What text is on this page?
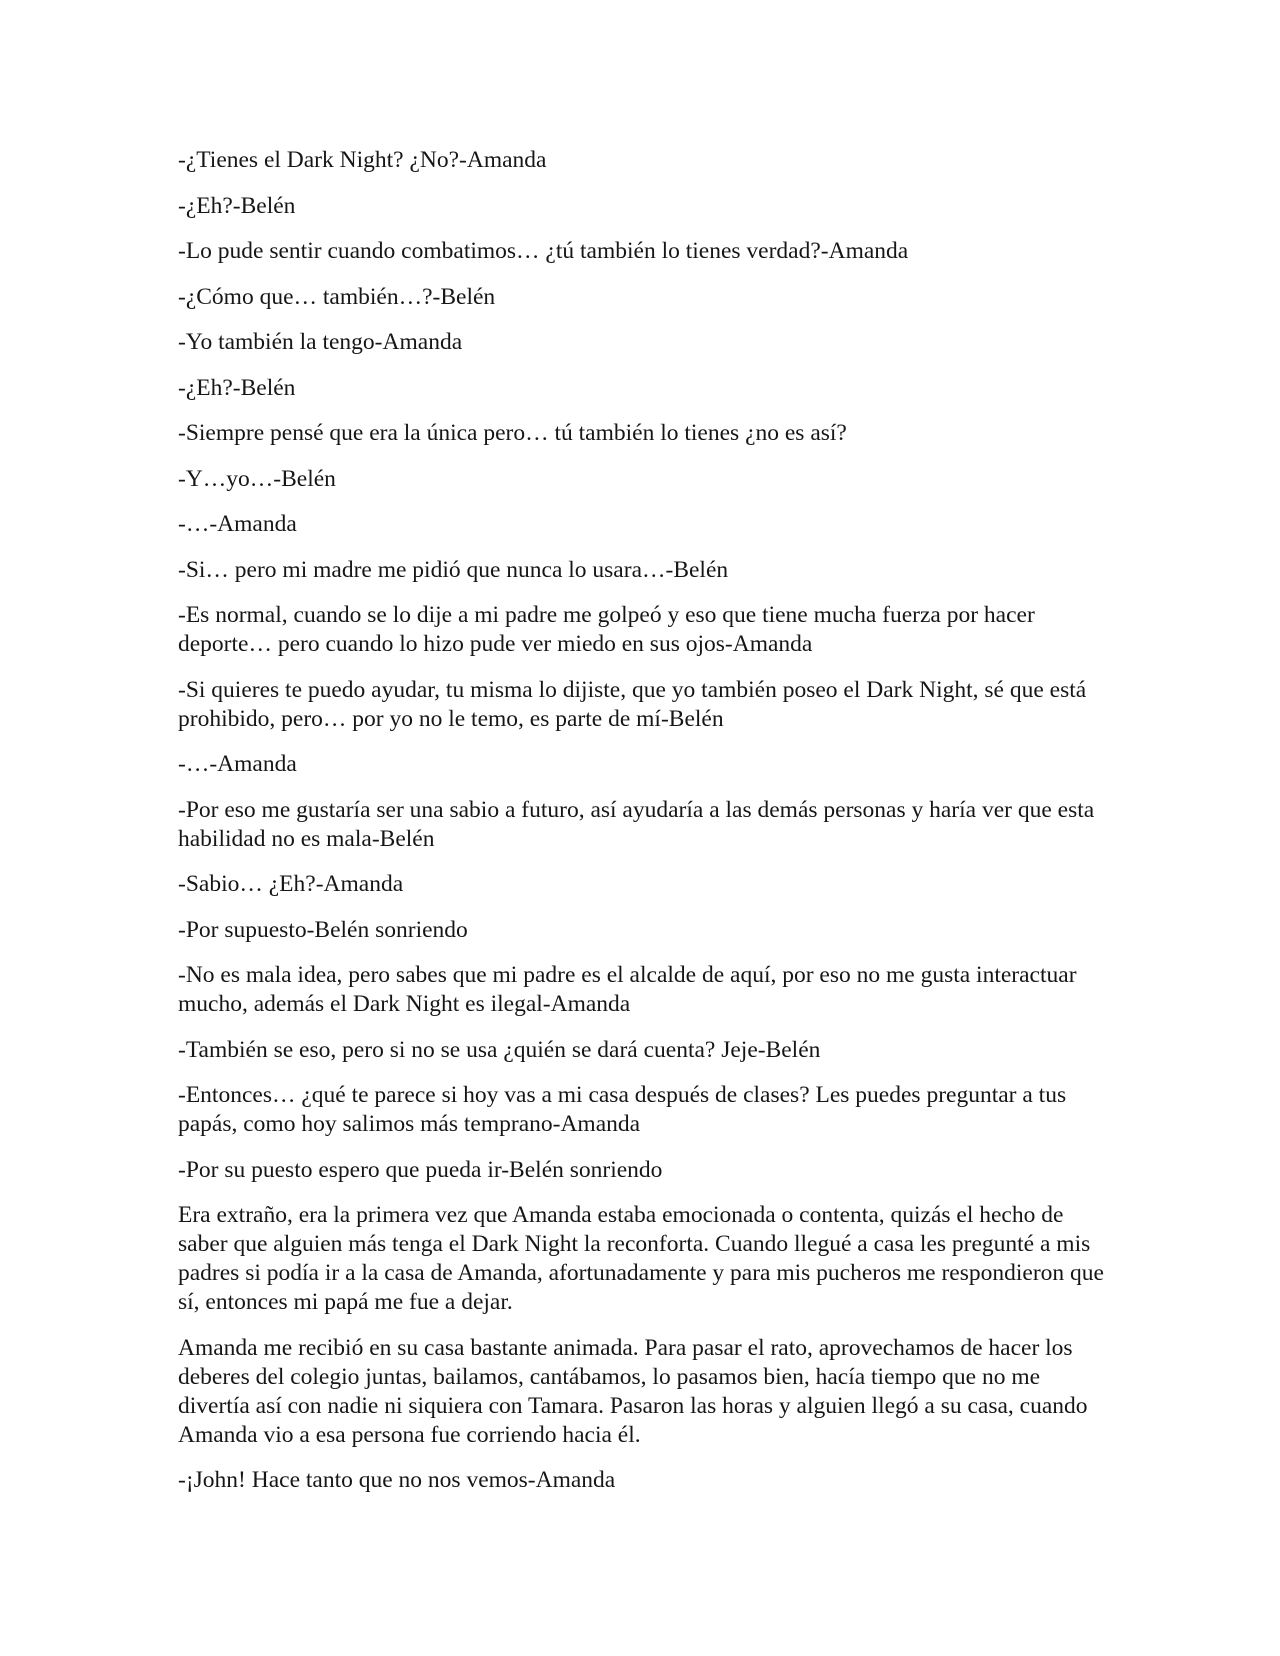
-¿Tienes el Dark Night? ¿No?-Amanda

-¿Eh?-Belén

-Lo pude sentir cuando combatimos… ¿tú también lo tienes verdad?-Amanda

-¿Cómo que… también…?-Belén

-Yo también la tengo-Amanda

-¿Eh?-Belén

-Siempre pensé que era la única pero… tú también lo tienes ¿no es así?

-Y…yo…-Belén

-…-Amanda

-Si… pero mi madre me pidió que nunca lo usara…-Belén

-Es normal, cuando se lo dije a mi padre me golpeó y eso que tiene mucha fuerza por hacer deporte… pero cuando lo hizo pude ver miedo en sus ojos-Amanda

-Si quieres te puedo ayudar, tu misma lo dijiste, que yo también poseo el Dark Night, sé que está prohibido, pero… por yo no le temo, es parte de mí-Belén

-…-Amanda

-Por eso me gustaría ser una sabio a futuro, así ayudaría a las demás personas y haría ver que esta habilidad no es mala-Belén

-Sabio… ¿Eh?-Amanda

-Por supuesto-Belén sonriendo

-No es mala idea, pero sabes que mi padre es el alcalde de aquí, por eso no me gusta interactuar mucho, además el Dark Night es ilegal-Amanda

-También se eso, pero si no se usa ¿quién se dará cuenta? Jeje-Belén

-Entonces… ¿qué te parece si hoy vas a mi casa después de clases? Les puedes preguntar a tus papás, como hoy salimos más temprano-Amanda

-Por su puesto espero que pueda ir-Belén sonriendo

Era extraño, era la primera vez que Amanda estaba emocionada o contenta, quizás el hecho de saber que alguien más tenga el Dark Night la reconforta. Cuando llegué a casa les pregunté a mis padres si podía ir a la casa de Amanda, afortunadamente y para mis pucheros me respondieron que sí, entonces mi papá me fue a dejar.

Amanda me recibió en su casa bastante animada. Para pasar el rato, aprovechamos de hacer los deberes del colegio juntas, bailamos, cantábamos, lo pasamos bien, hacía tiempo que no me divertía así con nadie ni siquiera con Tamara. Pasaron las horas y alguien llegó a su casa, cuando Amanda vio a esa persona fue corriendo hacia él.

-¡John! Hace tanto que no nos vemos-Amanda
